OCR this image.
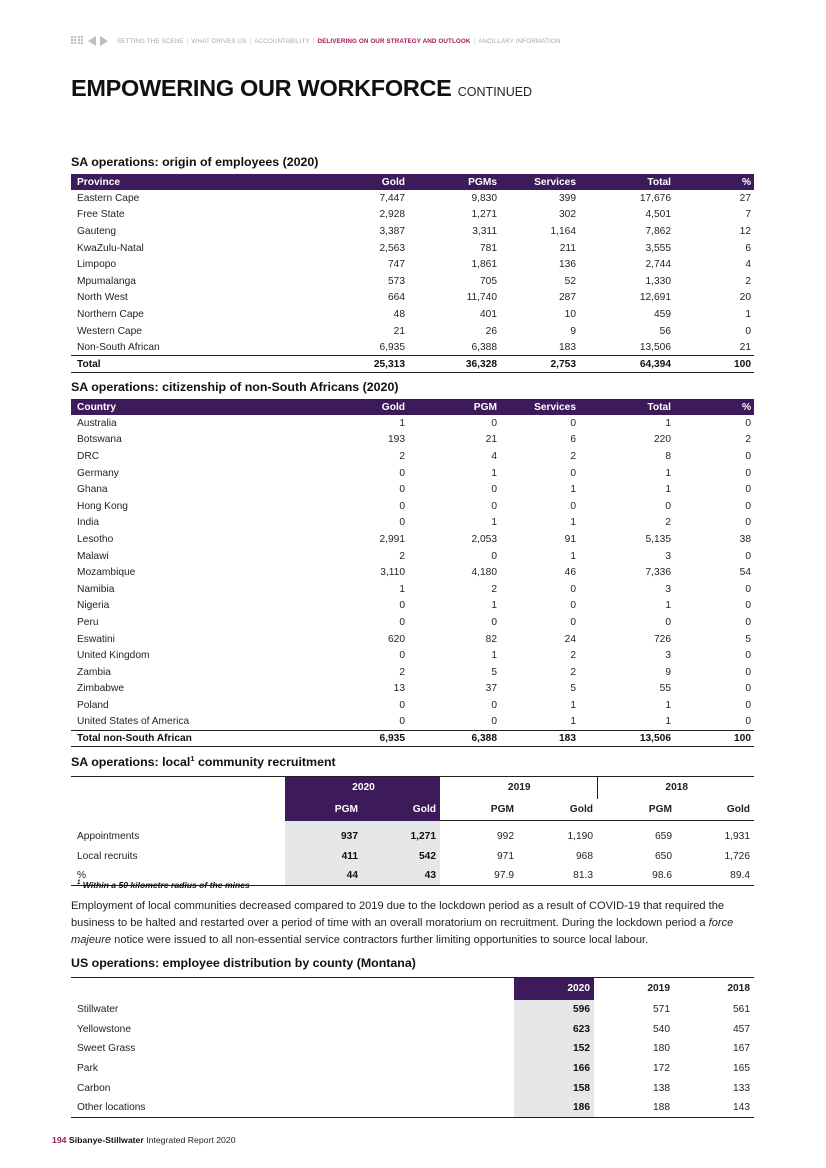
SETTING THE SCENE | WHAT DRIVES US | ACCOUNTABILITY | DELIVERING ON OUR STRATEGY AND OUTLOOK | ANCILLARY INFORMATION
EMPOWERING OUR WORKFORCE CONTINUED
SA operations: origin of employees (2020)
Province	Gold	PGMs	Services	Total	%
Eastern Cape	7,447	9,830	399	17,676	27
Free State	2,928	1,271	302	4,501	7
Gauteng	3,387	3,311	1,164	7,862	12
KwaZulu-Natal	2,563	781	211	3,555	6
Limpopo	747	1,861	136	2,744	4
Mpumalanga	573	705	52	1,330	2
North West	664	11,740	287	12,691	20
Northern Cape	48	401	10	459	1
Western Cape	21	26	9	56	0
Non-South African	6,935	6,388	183	13,506	21
Total	25,313	36,328	2,753	64,394	100
SA operations: citizenship of non-South Africans (2020)
Country	Gold	PGM	Services	Total	%
Australia	1	0	0	1	0
Botswana	193	21	6	220	2
DRC	2	4	2	8	0
Germany	0	1	0	1	0
Ghana	0	0	1	1	0
Hong Kong	0	0	0	0	0
India	0	1	1	2	0
Lesotho	2,991	2,053	91	5,135	38
Malawi	2	0	1	3	0
Mozambique	3,110	4,180	46	7,336	54
Namibia	1	2	0	3	0
Nigeria	0	1	0	1	0
Peru	0	0	0	0	0
Eswatini	620	82	24	726	5
United Kingdom	0	1	2	3	0
Zambia	2	5	2	9	0
Zimbabwe	13	37	5	55	0
Poland	0	0	1	1	0
United States of America	0	0	1	1	0
Total non-South African	6,935	6,388	183	13,506	100
SA operations: local$^1$ community recruitment
	2020		2019		2018	
	PGM	Gold	PGM	Gold	PGM	Gold

Appointments	937	1,271	992	1,190	659	1,931
Local recruits	411	542	971	968	650	1,726
%	44	43	97.9	81.3	98.6	89.4
$^1$ Within a 50 kilometre radius of the mines

Employment of local communities decreased compared to 2019 due to the lockdown period as a result of COVID-19 that required the business to be halted and restarted over a period of time with an overall moratorium on recruitment. During the lockdown period a force majeure notice were issued to all non-essential service contractors further limiting opportunities to source local labour.

US operations: employee distribution by county (Montana)
	2020	2019	2018
Stillwater	596	571	561
Yellowstone	623	540	457
Sweet Grass	152	180	167
Park	166	172	165
Carbon	158	138	133
Other locations	186	188	143
194 Sibanye-Stillwater Integrated Report 2020
